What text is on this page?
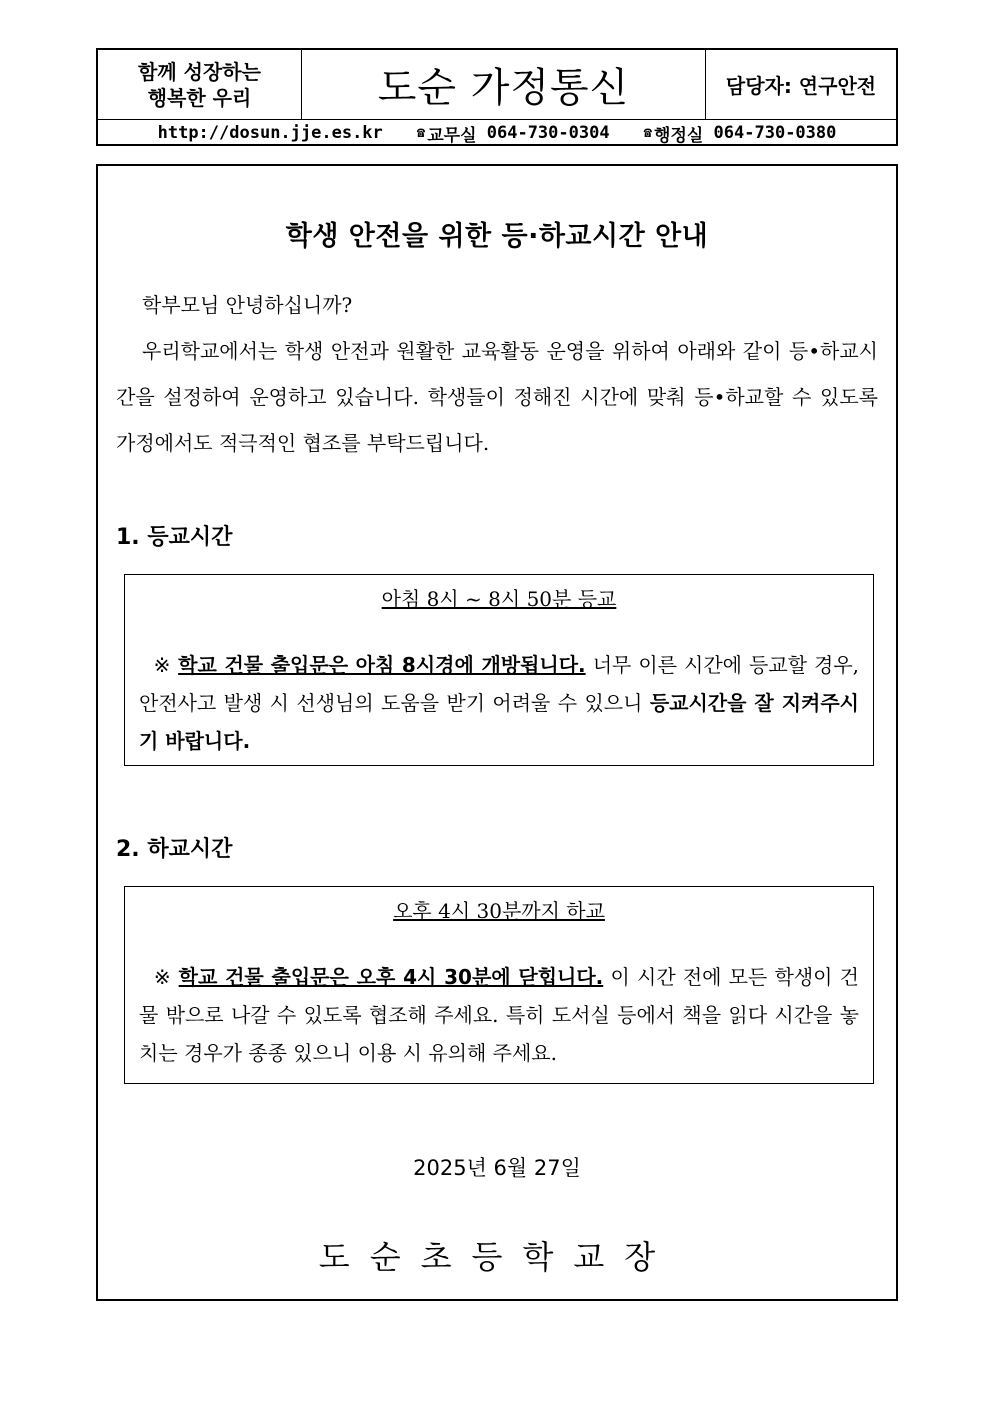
함께 성장하는
행복한 우리	도순 가정통신	담당자: 연구안전
http://dosun.jje.es.kr ☎ 교무실
064-730-0304 ☎ 행정실
064-730-0380
학생 안전을 위한 등·하교시간 안내
학부모님 안녕하십니까?
우리학교에서는 학생 안전과 원활한 교육활동 운영을 위하여 아래와 같이 등•하교시간을 설정하여 운영하고 있습니다. 학생들이 정해진 시간에 맞춰 등•하교할 수 있도록 가정에서도 적극적인 협조를 부탁드립니다.
1. 등교시간
아침 8시 ~ 8시 50분 등교
※ 학교 건물 출입문은 아침 8시경에 개방됩니다. 너무 이른 시간에 등교할 경우, 안전사고 발생 시 선생님의 도움을 받기 어려울 수 있으니 등교시간을 잘 지켜주시기 바랍니다.
2. 하교시간
오후 4시 30분까지 하교
※ 학교 건물 출입문은 오후 4시 30분에 닫힙니다. 이 시간 전에 모든 학생이 건물 밖으로 나갈 수 있도록 협조해 주세요. 특히 도서실 등에서 책을 읽다 시간을 놓치는 경우가 종종 있으니 이용 시 유의해 주세요.
2025년 6월 27일
도순초등학교장
